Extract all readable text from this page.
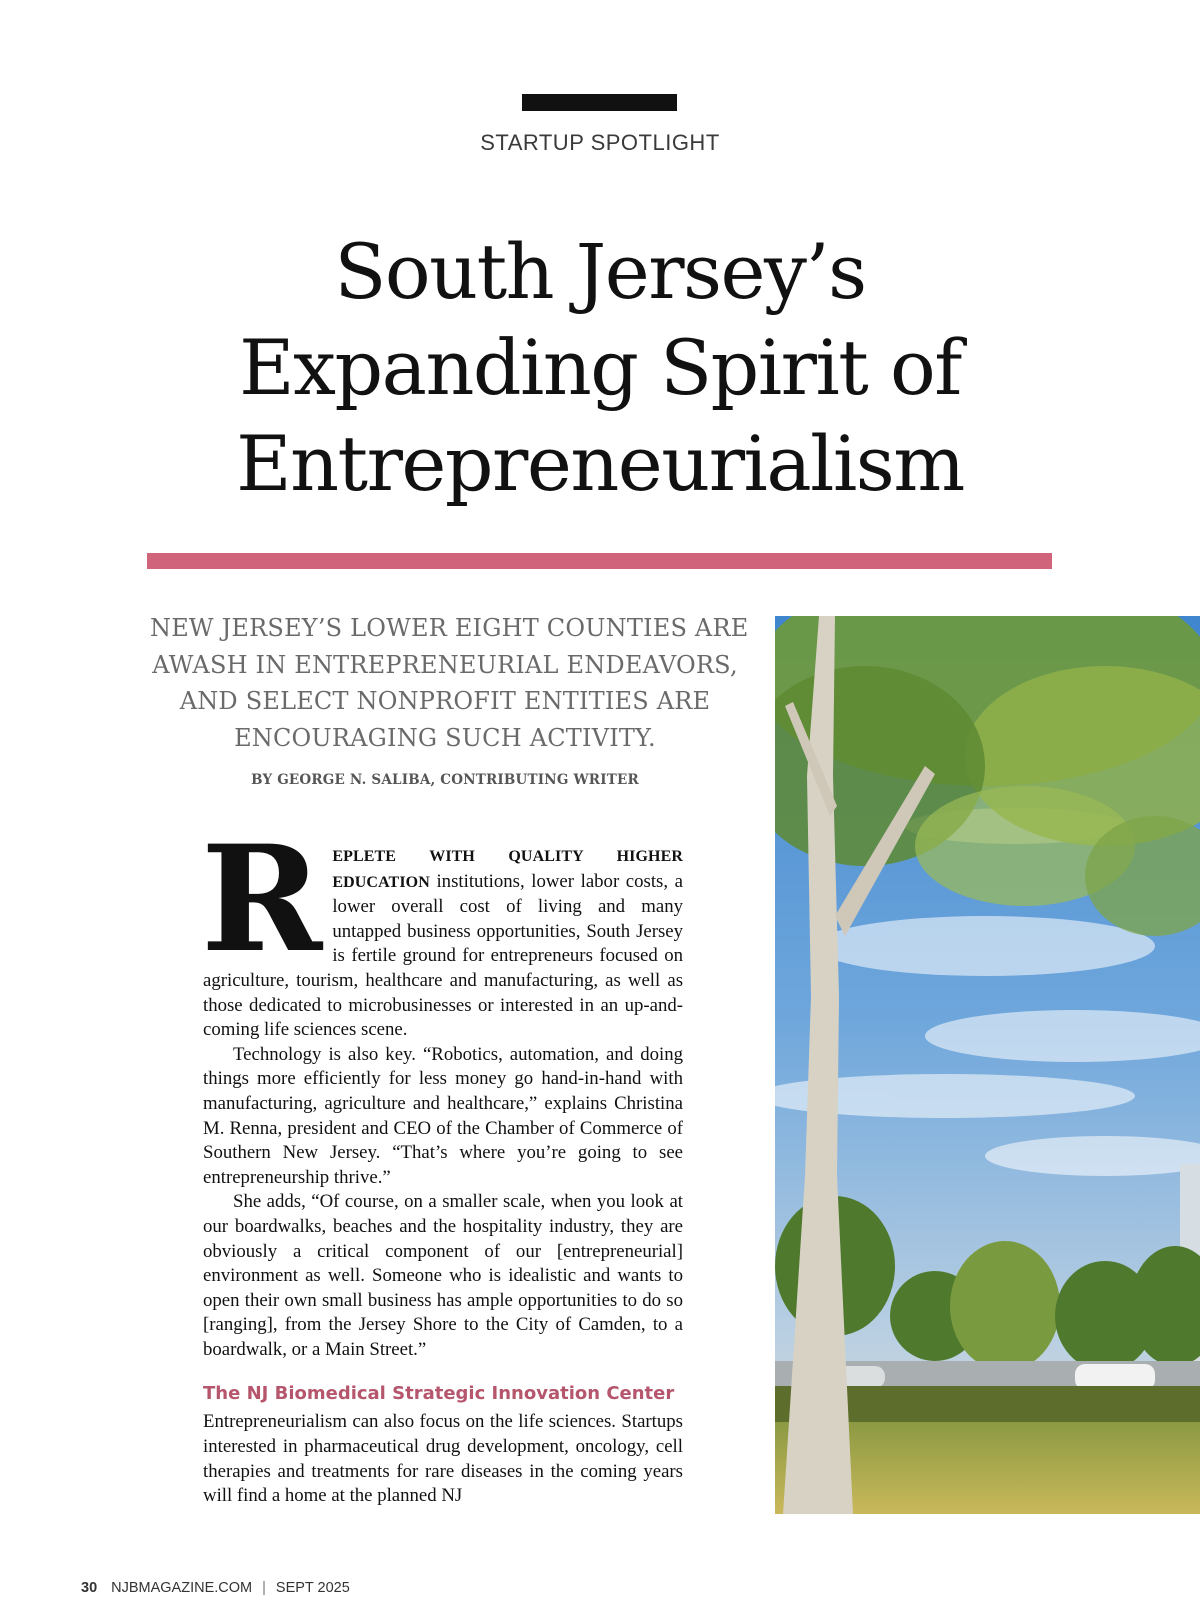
STARTUP SPOTLIGHT
South Jersey’s
Expanding Spirit of
Entrepreneurialism
NEW JERSEY’S LOWER EIGHT COUNTIES ARE
AWASH IN ENTREPRENEURIAL ENDEAVORS,
AND SELECT NONPROFIT ENTITIES ARE
ENCOURAGING SUCH ACTIVITY.
BY GEORGE N. SALIBA, CONTRIBUTING WRITER

REPLETE WITH QUALITY HIGHER EDUCATION institutions, lower labor costs, a lower overall cost of living and many untapped business opportunities, South Jersey is fertile ground for entrepreneurs focused on agriculture, tourism, healthcare and manufacturing, as well as those dedicated to microbusinesses or interested in an up-and-coming life sciences scene.

Technology is also key. “Robotics, automation, and doing things more efficiently for less money go hand-in-hand with manufacturing, agriculture and healthcare,” explains Christina M. Renna, president and CEO of the Chamber of Commerce of Southern New Jersey. “That’s where you’re going to see entrepreneurship thrive.”

She adds, “Of course, on a smaller scale, when you look at our boardwalks, beaches and the hospitality industry, they are obviously a critical component of our [entrepreneurial] environment as well. Someone who is idealistic and wants to open their own small business has ample opportunities to do so [ranging], from the Jersey Shore to the City of Camden, to a boardwalk, or a Main Street.”

The NJ Biomedical Strategic Innovation Center

Entrepreneurialism can also focus on the life sciences. Startups interested in pharmaceutical drug development, oncology, cell therapies and treatments for rare diseases in the coming years will find a home at the planned NJ

30 NJBMAGAZINE.COM | SEPT 2025
